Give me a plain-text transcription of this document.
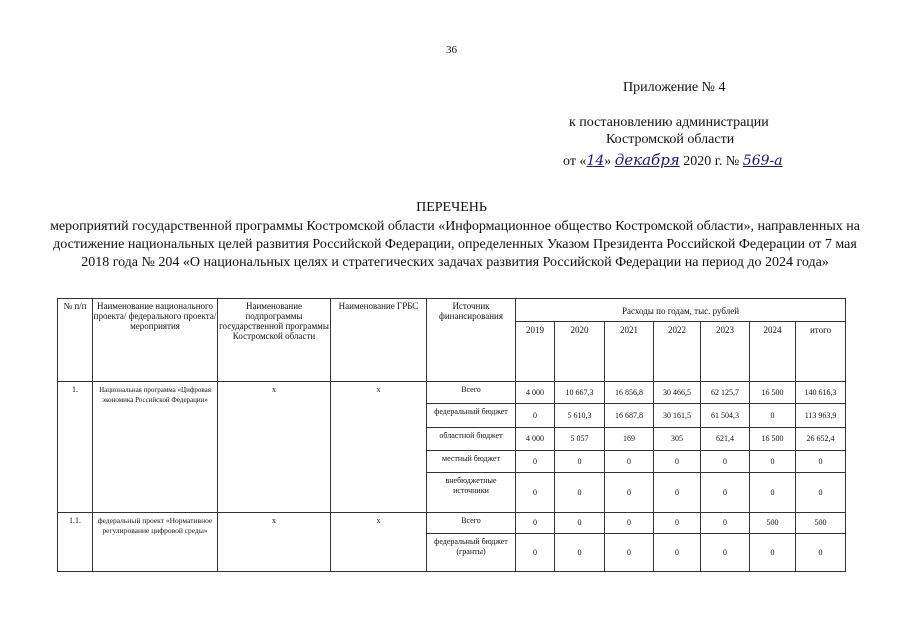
36
Приложение № 4
к постановлению администрации
Костромской области
от «14» декабря 2020 г. № 569-а
ПЕРЕЧЕНЬ
мероприятий государственной программы Костромской области «Информационное общество Костромской области», направленных на достижение национальных целей развития Российской Федерации, определенных Указом Президента Российской Федерации от 7 мая 2018 года № 204 «О национальных целях и стратегических задачах развития Российской Федерации на период до 2024 года»
№ п/п	Наименование национального проекта/ федерального проекта/ мероприятия	Наименование подпрограммы государственной программы Костромской области	Наименование ГРБС	Источник финансирования	Расходы по годам, тыс. рублей						
					2019	2020	2021	2022	2023	2024	итого
1.	Национальная программа «Цифровая экономика Российской Федерации»	х	х	Всего	4 000	10 667,3	16 856,8	30 466,5	62 125,7	16 500	140 616,3
				федеральный бюджет	0	5 610,3	16 687,8	30 161,5	61 504,3	0	113 963,9
				областной бюджет	4 000	5 057	169	305	621,4	16 500	26 652,4
				местный бюджет	0	0	0	0	0	0	0
				внебюджетные источники	0	0	0	0	0	0	0
1.1.	федеральный проект «Нормативное регулирование цифровой среды»	х	х	Всего	0	0	0	0	0	500	500
				федеральный бюджет (гранты)	0	0	0	0	0	0	0
